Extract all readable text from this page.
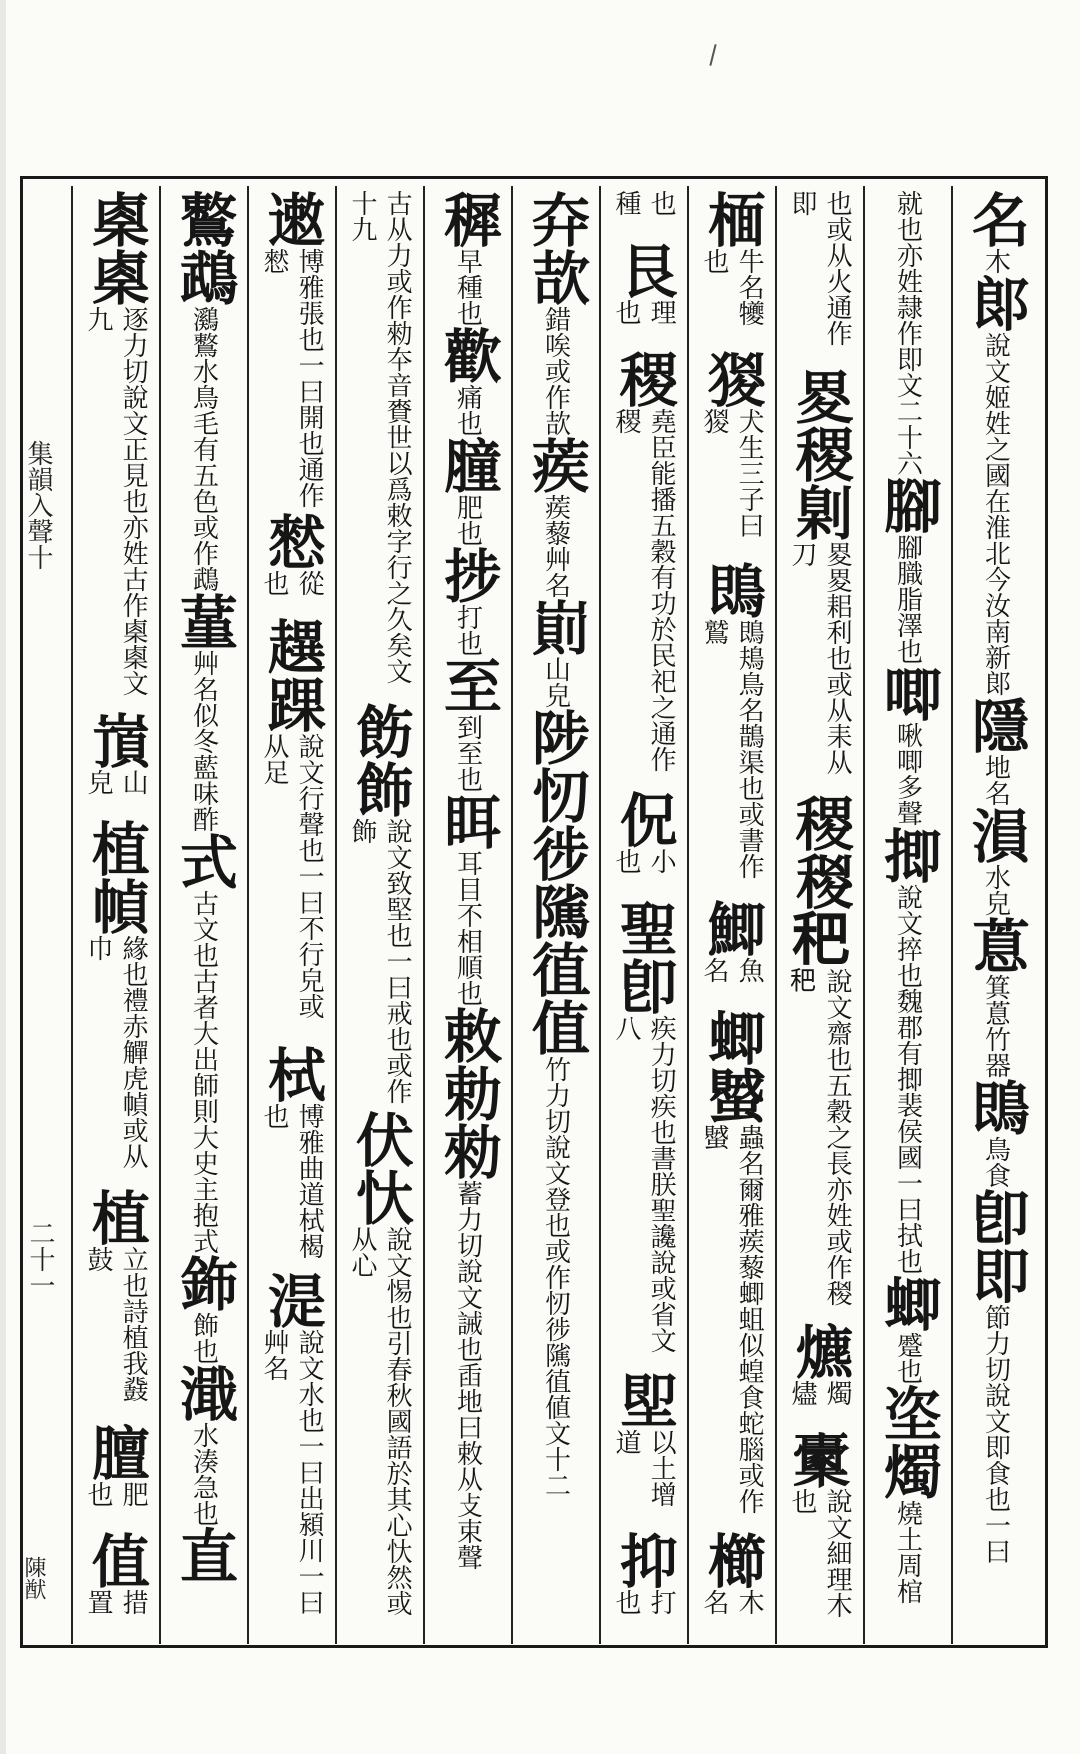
集韻入聲十
二十一
陳猷
名
木
郞
說文姬姓之國在淮北今汝南新郞
隱
地名
溳
水皃
蒠
箕蒠竹器
鵖
鳥食
卽
即
節力切說文即食也一曰
就也亦姓隷作即文二十六
腳
腳膱脂澤也
唧
啾唧多聲
揤
說文捽也魏郡有揤裴侯國一曰拭也
蝍
蹙也
垐
燭
燒土周棺
也或从火通作即
畟
稷
㓷
畟畟耜利也或从耒从刀
稷
稯
𥝧
說文齋也五穀之長亦姓或作稯𥝧
爊
燭燼
𣠔
說文細理木也
㮌
牛名犪也
猣
犬生三子曰猣
鵖
鵖鳺鳥名鵲渠也或書作鷲
鯽
魚名
蝍
蠈
蟲名爾雅蒺藜蝍蛆似蝗食蛇腦或作蠈
櫛
木名
也種
艮
理也
稷
堯臣能播五穀有功於民祀之通作稷
㑆
小也
聖
卽
疾力切疾也書朕聖讒說或省文八
堲
以土增道
抑
打也
㚏
欯
錯唉或作欯
蒺
蒺藜艸名
崱
山皃
陟
㣼
徏
隲
徝
值
竹力切說文登也或作㣼徏隲徝値文十二
穉
早種也
歡
痛也
膧
肥也
捗
打也
至
到至也
眲
耳目不相順也
敕
勅
勑
蓄力切說文誡也臿地曰敕从攴束聲
古从力或作勑夲音賚世以爲敕字行之久矣文十九
飭
飾
說文致堅也一曰戒也或作飾
伏
忕
說文惕也引春秋國語於其心忕然或从心
遫
博雅張也一曰開也通作憖
憖
從也
趩
踝
說文行聲也一曰不行皃或从足
栻
博雅曲道栻楬也
湜
說文水也一曰出潁川一曰艸名
鷘
鵡
鸂鷘水鳥毛有五色或作鵡
蓳
艸名似冬藍味酢
式
古文也古者大出師則大史主抱式
鉓
飾也
濈
水湊急也
直
㮚
㮚
逐力切說文正見也亦姓古作㮚㮚文九
嵿
山皃
植
幀
緣也禮赤觶虎幀或从巾
植
立也詩植我鼗鼓
膻
肥也
值
措置
